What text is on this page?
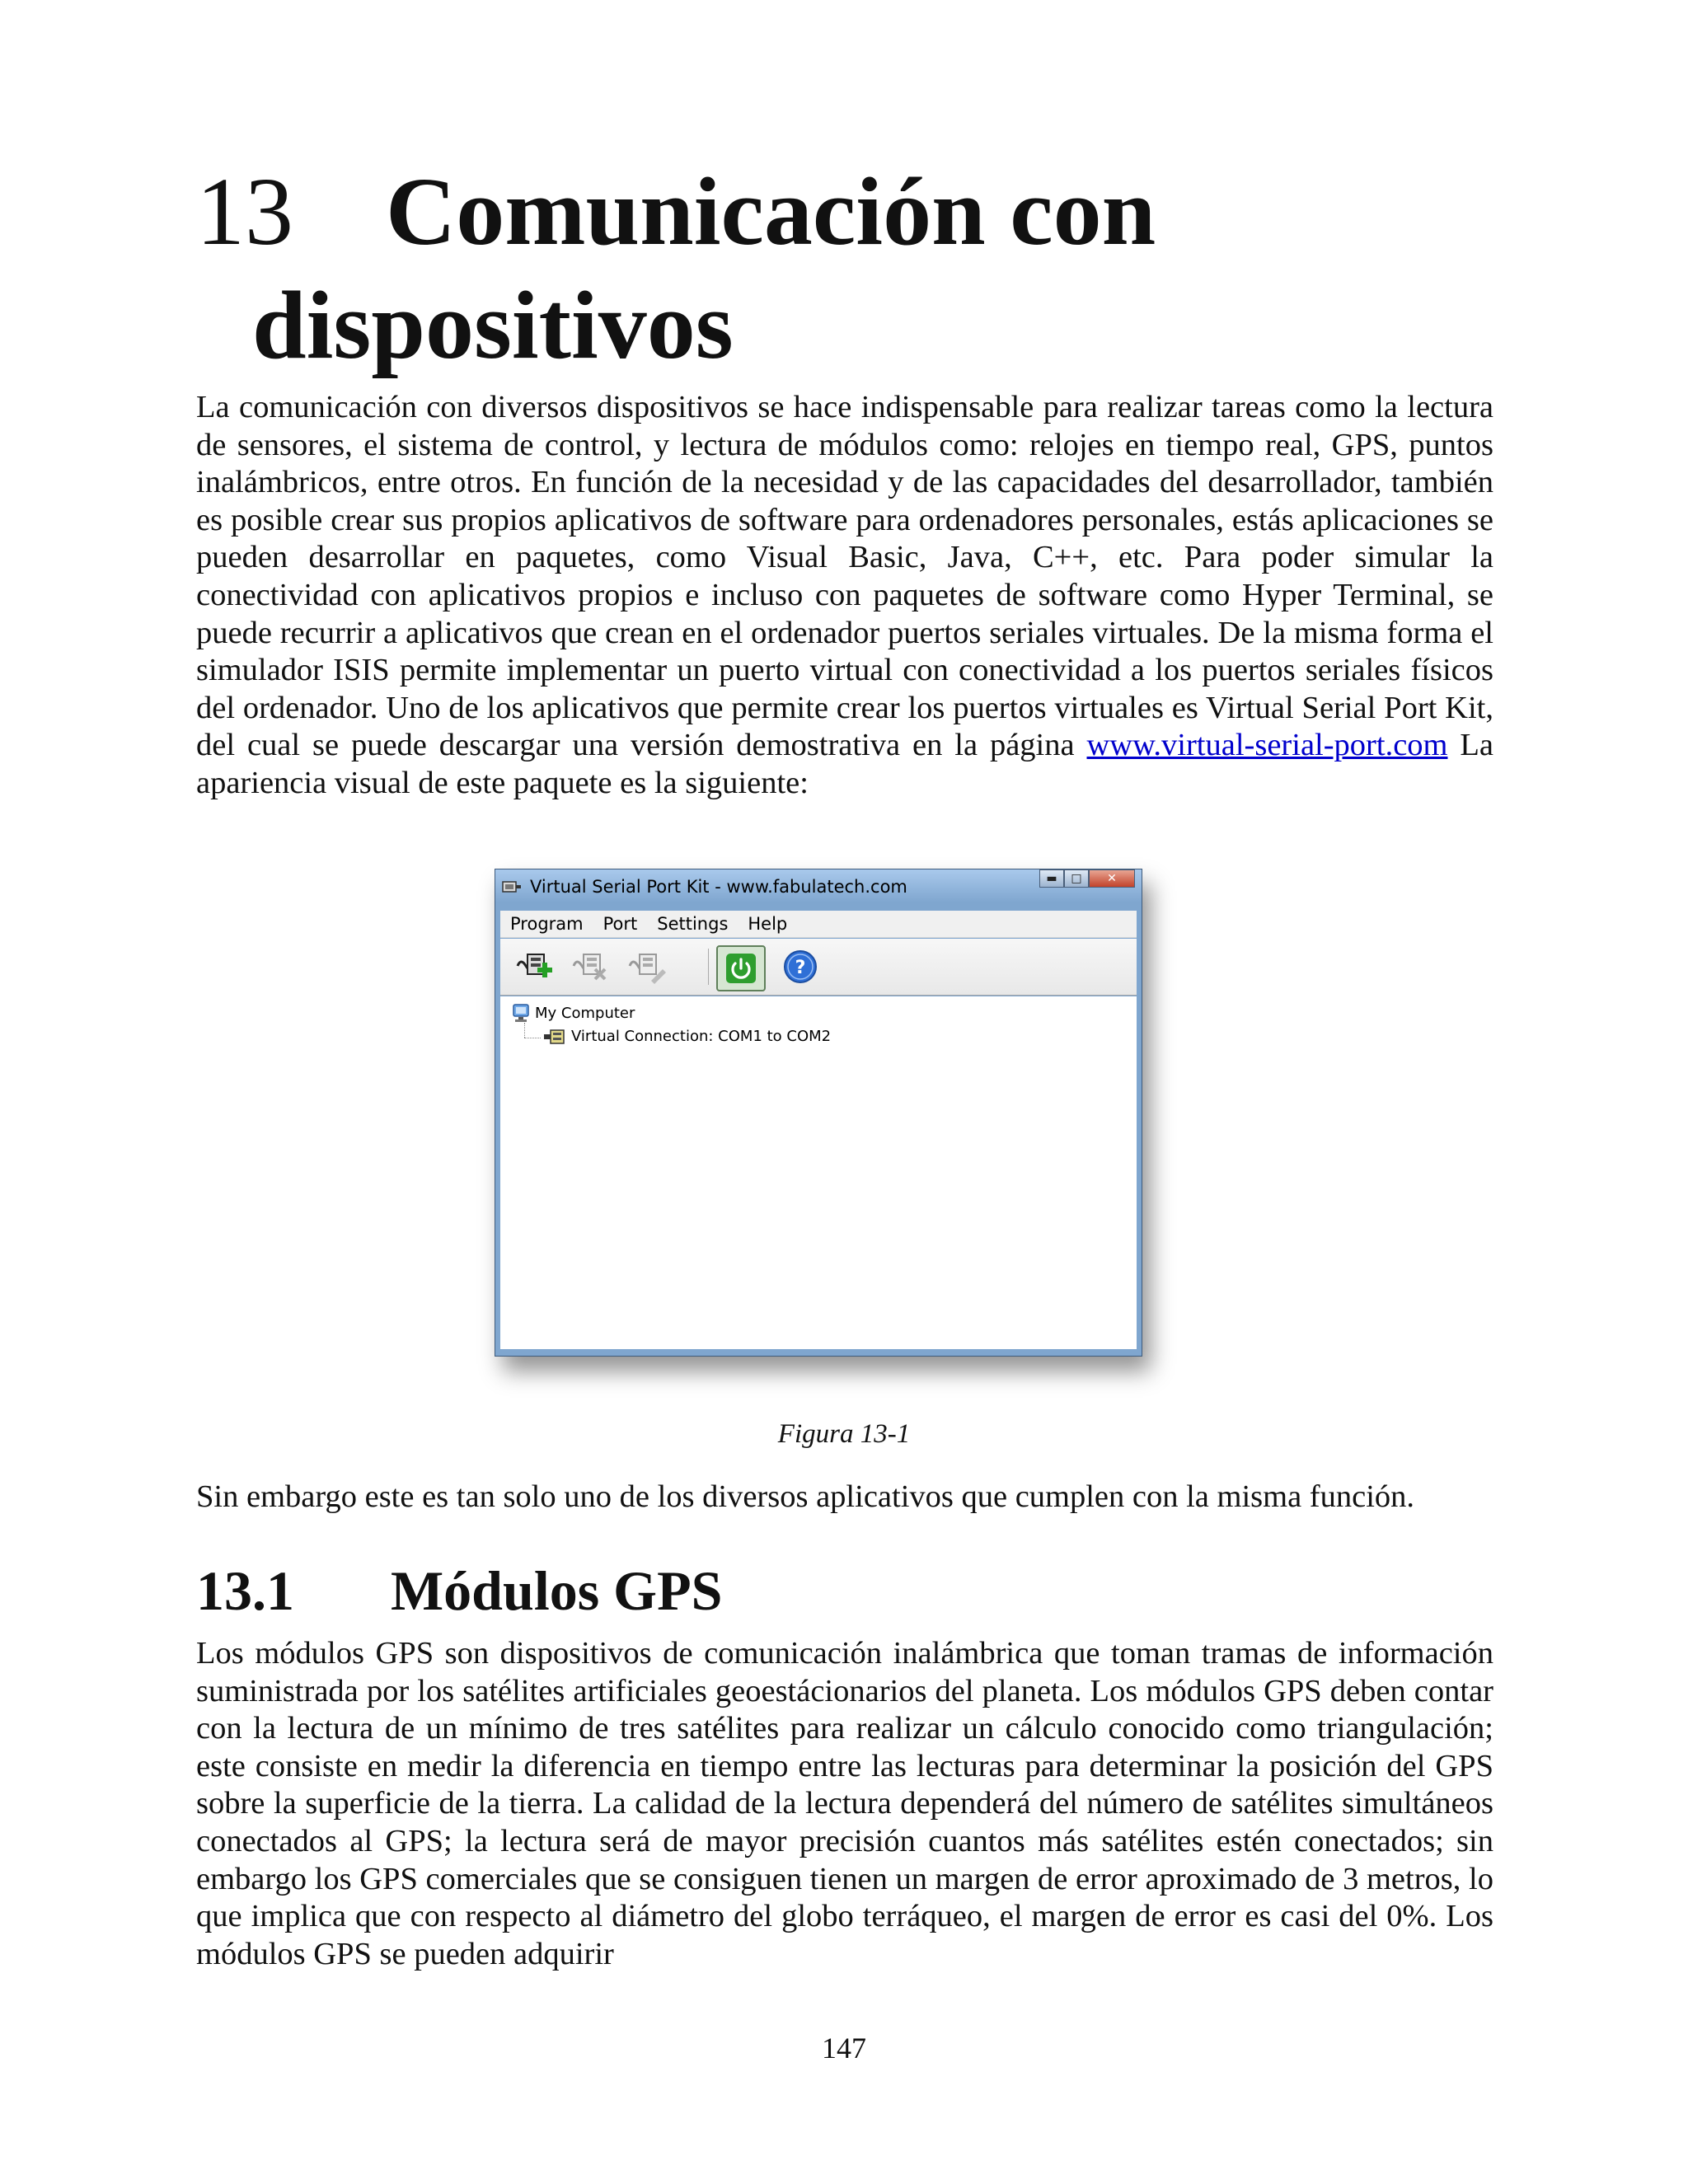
13 Comunicación con
dispositivos

La comunicación con diversos dispositivos se hace indispensable para realizar tareas como la lectura de sensores, el sistema de control, y lectura de módulos como: relojes en tiempo real, GPS, puntos inalámbricos, entre otros. En función de la necesidad y de las capacidades del desarrollador, también es posible crear sus propios aplicativos de software para ordenadores personales, estás aplicaciones se pueden desarrollar en paquetes, como Visual Basic, Java, C++, etc. Para poder simular la conectividad con aplicativos propios e incluso con paquetes de software como Hyper Terminal, se puede recurrir a aplicativos que crean en el ordenador puertos seriales virtuales. De la misma forma el simulador ISIS permite implementar un puerto virtual con conectividad a los puertos seriales físicos del ordenador. Uno de los aplicativos que permite crear los puertos virtuales es Virtual Serial Port Kit, del cual se puede descargar una versión demostrativa en la página www.virtual-serial-port.com La apariencia visual de este paquete es la siguiente:

Virtual Serial Port Kit - www.fabulatech.com	▬ □ ✕
Program	Port	Settings	Help
?
My Computer
Virtual Connection: COM1 to COM2

Figura 13-1

Sin embargo este es tan solo uno de los diversos aplicativos que cumplen con la misma función.

13.1 Módulos GPS

Los módulos GPS son dispositivos de comunicación inalámbrica que toman tramas de información suministrada por los satélites artificiales geoestácionarios del planeta. Los módulos GPS deben contar con la lectura de un mínimo de tres satélites para realizar un cálculo conocido como triangulación; este consiste en medir la diferencia en tiempo entre las lecturas para determinar la posición del GPS sobre la superficie de la tierra. La calidad de la lectura dependerá del número de satélites simultáneos conectados al GPS; la lectura será de mayor precisión cuantos más satélites estén conectados; sin embargo los GPS comerciales que se consiguen tienen un margen de error aproximado de 3 metros, lo que implica que con respecto al diámetro del globo terráqueo, el margen de error es casi del 0%. Los módulos GPS se pueden adquirir

147
